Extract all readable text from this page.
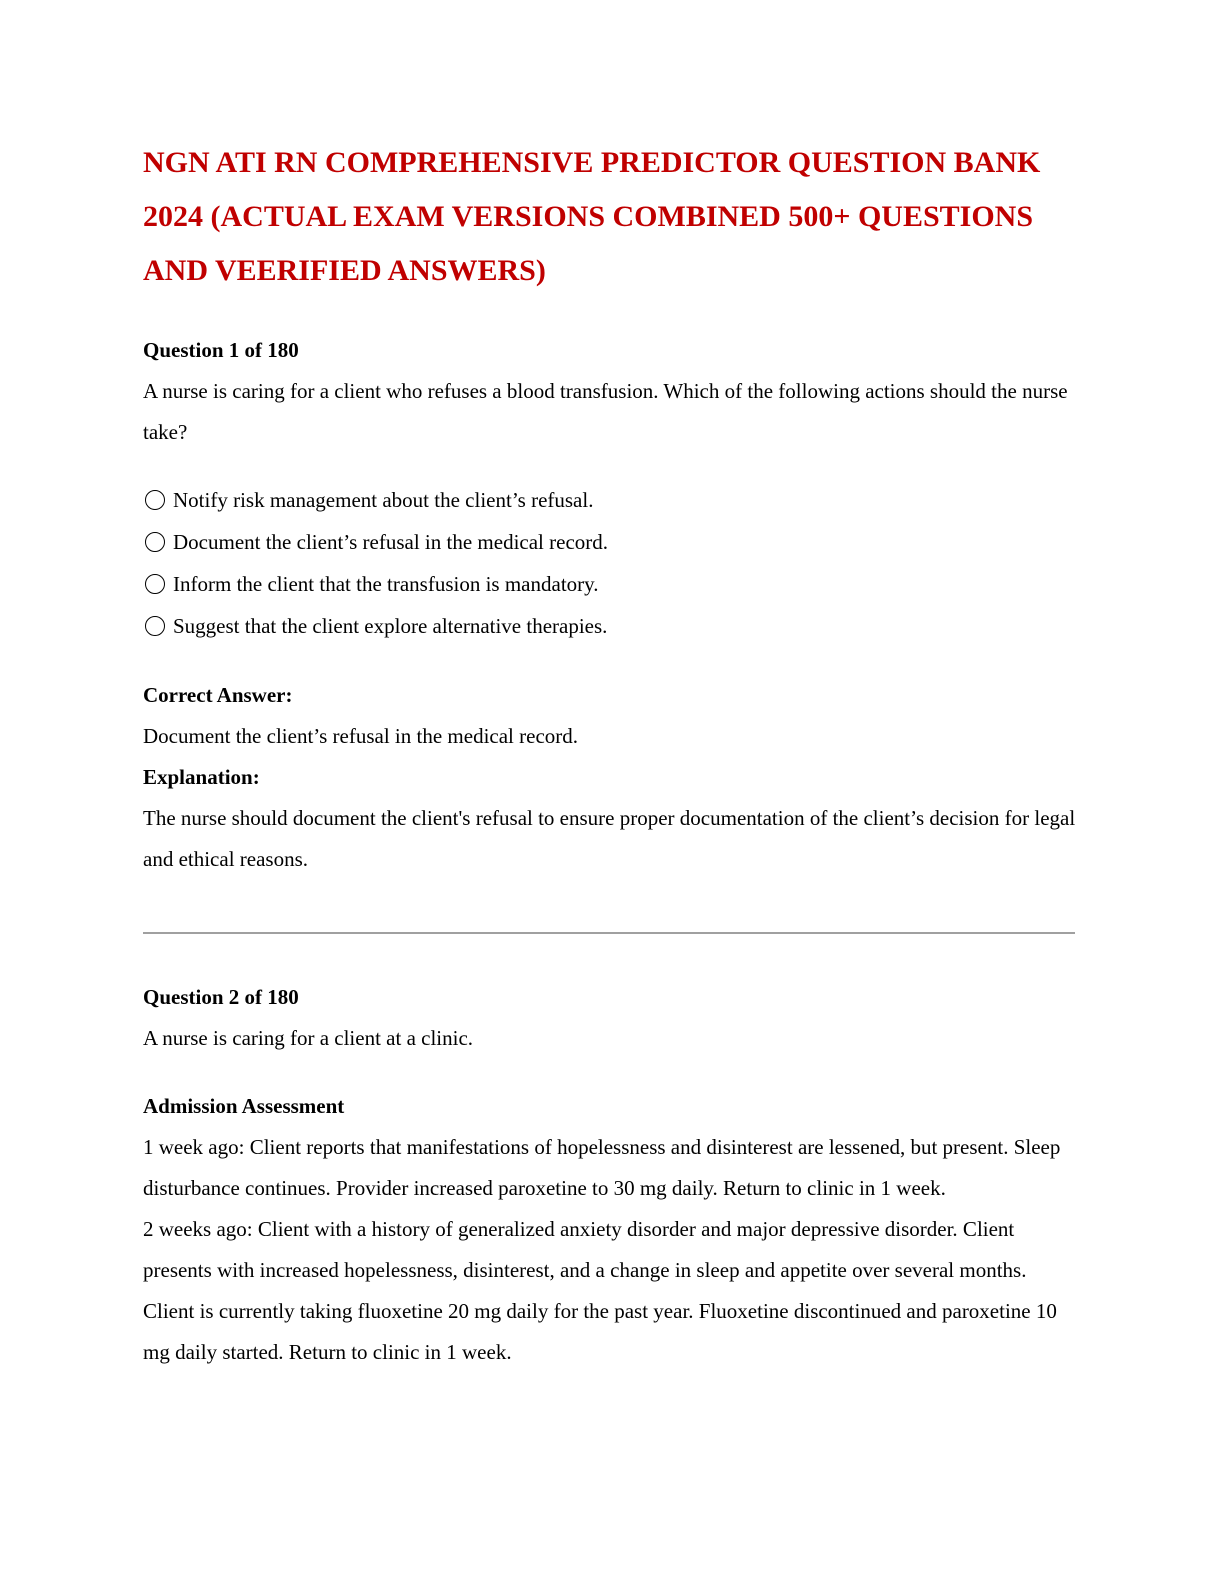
NGN ATI RN COMPREHENSIVE PREDICTOR QUESTION BANK 2024 (ACTUAL EXAM VERSIONS COMBINED 500+ QUESTIONS AND VEERIFIED ANSWERS)
Question 1 of 180
A nurse is caring for a client who refuses a blood transfusion. Which of the following actions should the nurse take?
Notify risk management about the client’s refusal.
Document the client’s refusal in the medical record.
Inform the client that the transfusion is mandatory.
Suggest that the client explore alternative therapies.
Correct Answer:
Document the client’s refusal in the medical record.
Explanation:
The nurse should document the client's refusal to ensure proper documentation of the client’s decision for legal and ethical reasons.
Question 2 of 180
A nurse is caring for a client at a clinic.
Admission Assessment
1 week ago: Client reports that manifestations of hopelessness and disinterest are lessened, but present. Sleep disturbance continues. Provider increased paroxetine to 30 mg daily. Return to clinic in 1 week.
2 weeks ago: Client with a history of generalized anxiety disorder and major depressive disorder. Client presents with increased hopelessness, disinterest, and a change in sleep and appetite over several months. Client is currently taking fluoxetine 20 mg daily for the past year. Fluoxetine discontinued and paroxetine 10 mg daily started. Return to clinic in 1 week.
